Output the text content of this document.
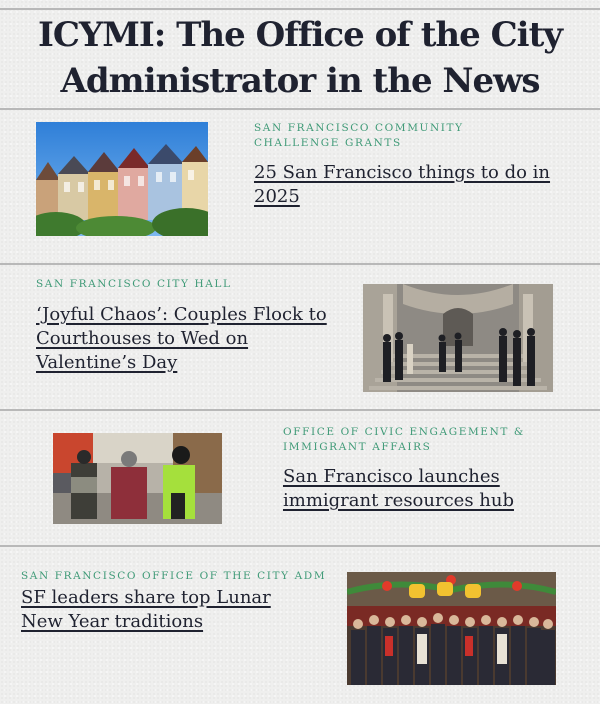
ICYMI: The Office of the City
Administrator in the News
SAN FRANCISCO COMMUNITY CHALLENGE GRANTS
25 San Francisco things to do in 2025
SAN FRANCISCO CITY HALL
‘Joyful Chaos’: Couples Flock to Courthouses to Wed on Valentine’s Day
OFFICE OF CIVIC ENGAGEMENT & IMMIGRANT AFFAIRS
San Francisco launches immigrant resources hub
SAN FRANCISCO OFFICE OF THE CITY ADM
SF leaders share top Lunar New Year traditions
